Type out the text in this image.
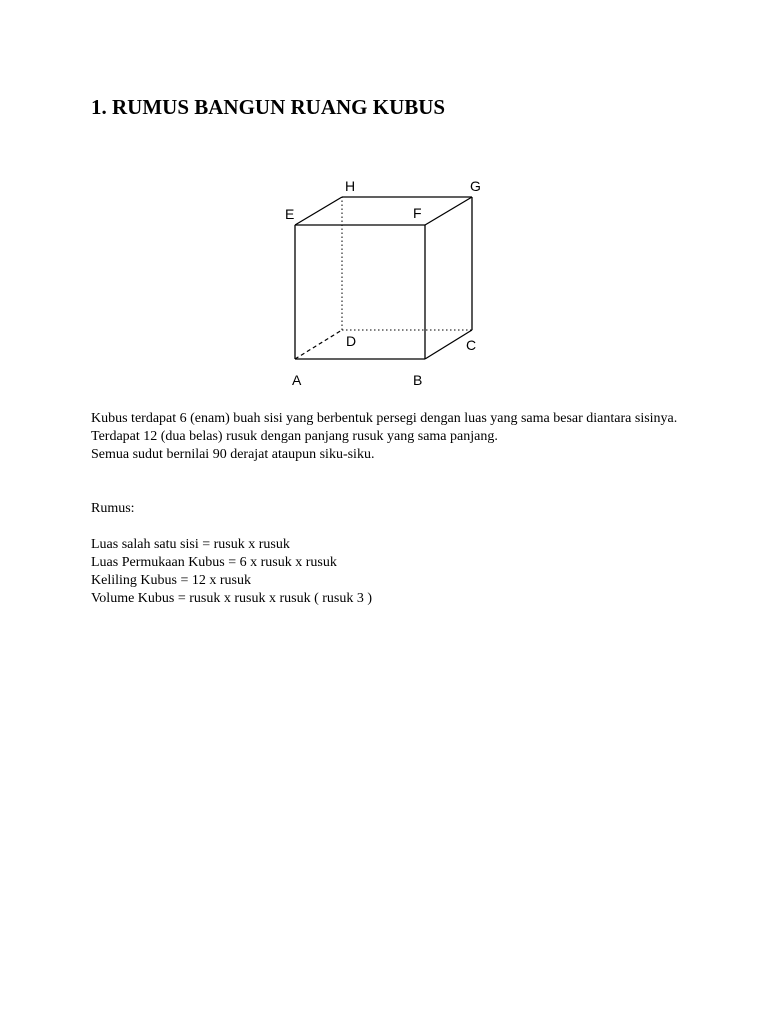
1. RUMUS BANGUN RUANG KUBUS
H	G
E	F
D	C
A	B

Kubus terdapat 6 (enam) buah sisi yang berbentuk persegi dengan luas yang sama besar diantara sisinya.

Terdapat 12 (dua belas) rusuk dengan panjang rusuk yang sama panjang.

Semua sudut bernilai 90 derajat ataupun siku-siku.

Rumus:

Luas salah satu sisi = rusuk x rusuk

Luas Permukaan Kubus = 6 x rusuk x rusuk

Keliling Kubus = 12 x rusuk

Volume Kubus = rusuk x rusuk x rusuk ( rusuk 3 )
